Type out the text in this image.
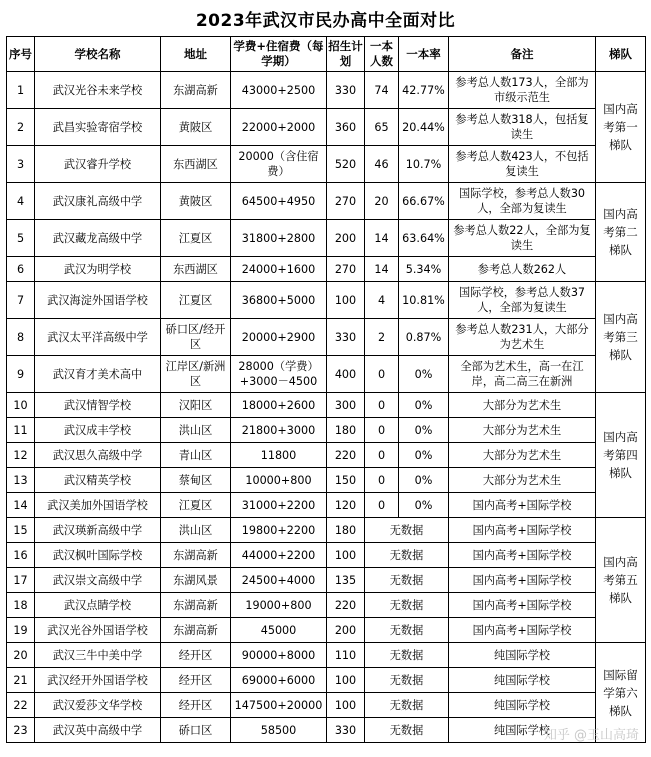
2023年武汉市民办高中全面对比
序号	学校名称	地址	学费+住宿费（每学期）	招生计划	一本人数	一本率	备注	梯队
1	武汉光谷未来学校	东湖高新	43000+2500	330	74	42.77%	参考总人数173人，全部为市级示范生	国内高考第一梯队
2	武昌实验寄宿学校	黄陂区	22000+2000	360	65	20.44%	参考总人数318人，包括复读生	
3	武汉睿升学校	东西湖区	20000（含住宿费）	520	46	10.7%	参考总人数423人，不包括复读生	
4	武汉康礼高级中学	黄陂区	64500+4950	270	20	66.67%	国际学校，参考总人数30人，全部为复读生	国内高考第二梯队
5	武汉藏龙高级中学	江夏区	31800+2800	200	14	63.64%	参考总人数22人，全部为复读生	
6	武汉为明学校	东西湖区	24000+1600	270	14	5.34%	参考总人数262人	
7	武汉海淀外国语学校	江夏区	36800+5000	100	4	10.81%	国际学校，参考总人数37人，全部为复读生	国内高考第三梯队
8	武汉太平洋高级中学	硚口区/经开区	20000+2900	330	2	0.87%	参考总人数231人，大部分为艺术生	
9	武汉育才美术高中	江岸区/新洲区	28000（学费）+3000－4500	400	0	0%	全部为艺术生，高一在江岸，高二高三在新洲	
10	武汉情智学校	汉阳区	18000+2600	300	0	0%	大部分为艺术生	国内高考第四梯队
11	武汉成丰学校	洪山区	21800+3000	180	0	0%	大部分为艺术生	
12	武汉思久高级中学	青山区	11800	220	0	0%	大部分为艺术生	
13	武汉精英学校	蔡甸区	10000+800	150	0	0%	大部分为艺术生	
14	武汉美加外国语学校	江夏区	31000+2200	120	0	0%	国内高考+国际学校	
15	武汉瑛新高级中学	洪山区	19800+2200	180	无数据		国内高考+国际学校	国内高考第五梯队
16	武汉枫叶国际学校	东湖高新	44000+2200	100	无数据		国内高考+国际学校	
17	武汉崇文高级中学	东湖风景	24500+4000	135	无数据		国内高考+国际学校	
18	武汉点睛学校	东湖高新	19000+800	220	无数据		国内高考+国际学校	
19	武汉光谷外国语学校	东湖高新	45000	200	无数据		国内高考+国际学校	
20	武汉三牛中美中学	经开区	90000+8000	110	无数据		纯国际学校	国际留学第六梯队
21	武汉经开外国语学校	经开区	69000+6000	100	无数据		纯国际学校	
22	武汉爱莎文华学校	经开区	147500+20000	100	无数据		纯国际学校	
23	武汉英中高级中学	硚口区	58500	330	无数据		纯国际学校	
知乎 @玉山高琦
